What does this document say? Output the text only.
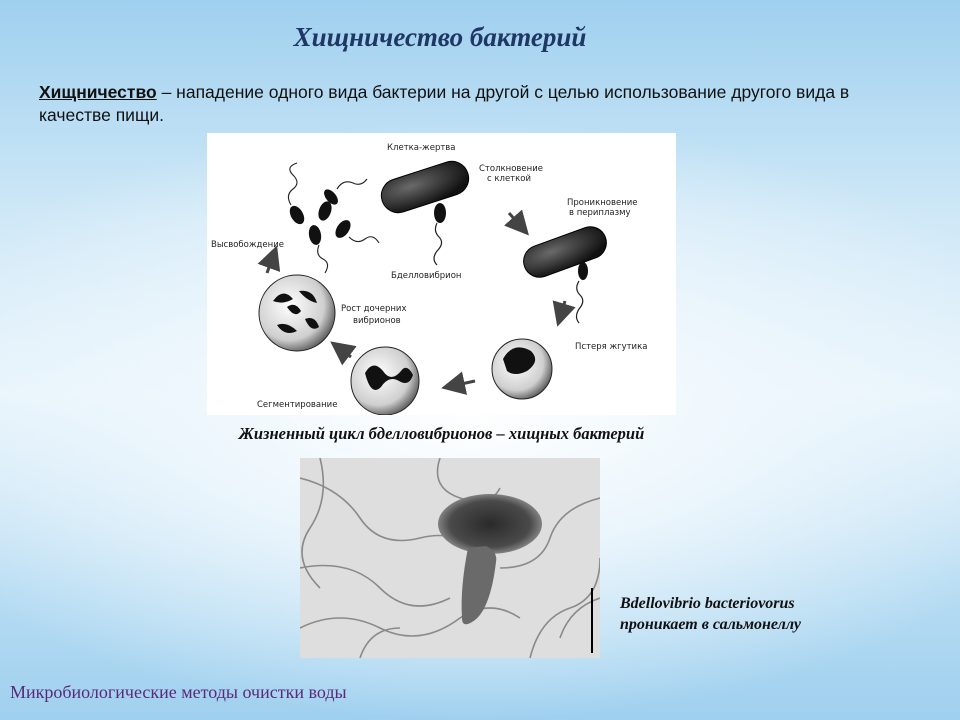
Хищничество бактерий
Хищничество – нападение одного вида бактерии на другой с целью использование другого вида в качестве пищи.
Клетка-жертва
Столкновение
с клеткой
Бделловибрион
Проникновение
в периплазму
Пстеря жгутика
Сегментирование
Рост дочерних
вибрионов
Высвобождение
Жизненный цикл бделловибрионов – хищных бактерий
Bdellovibrio bacteriovorus
проникает в сальмонеллу
Микробиологические методы очистки воды
